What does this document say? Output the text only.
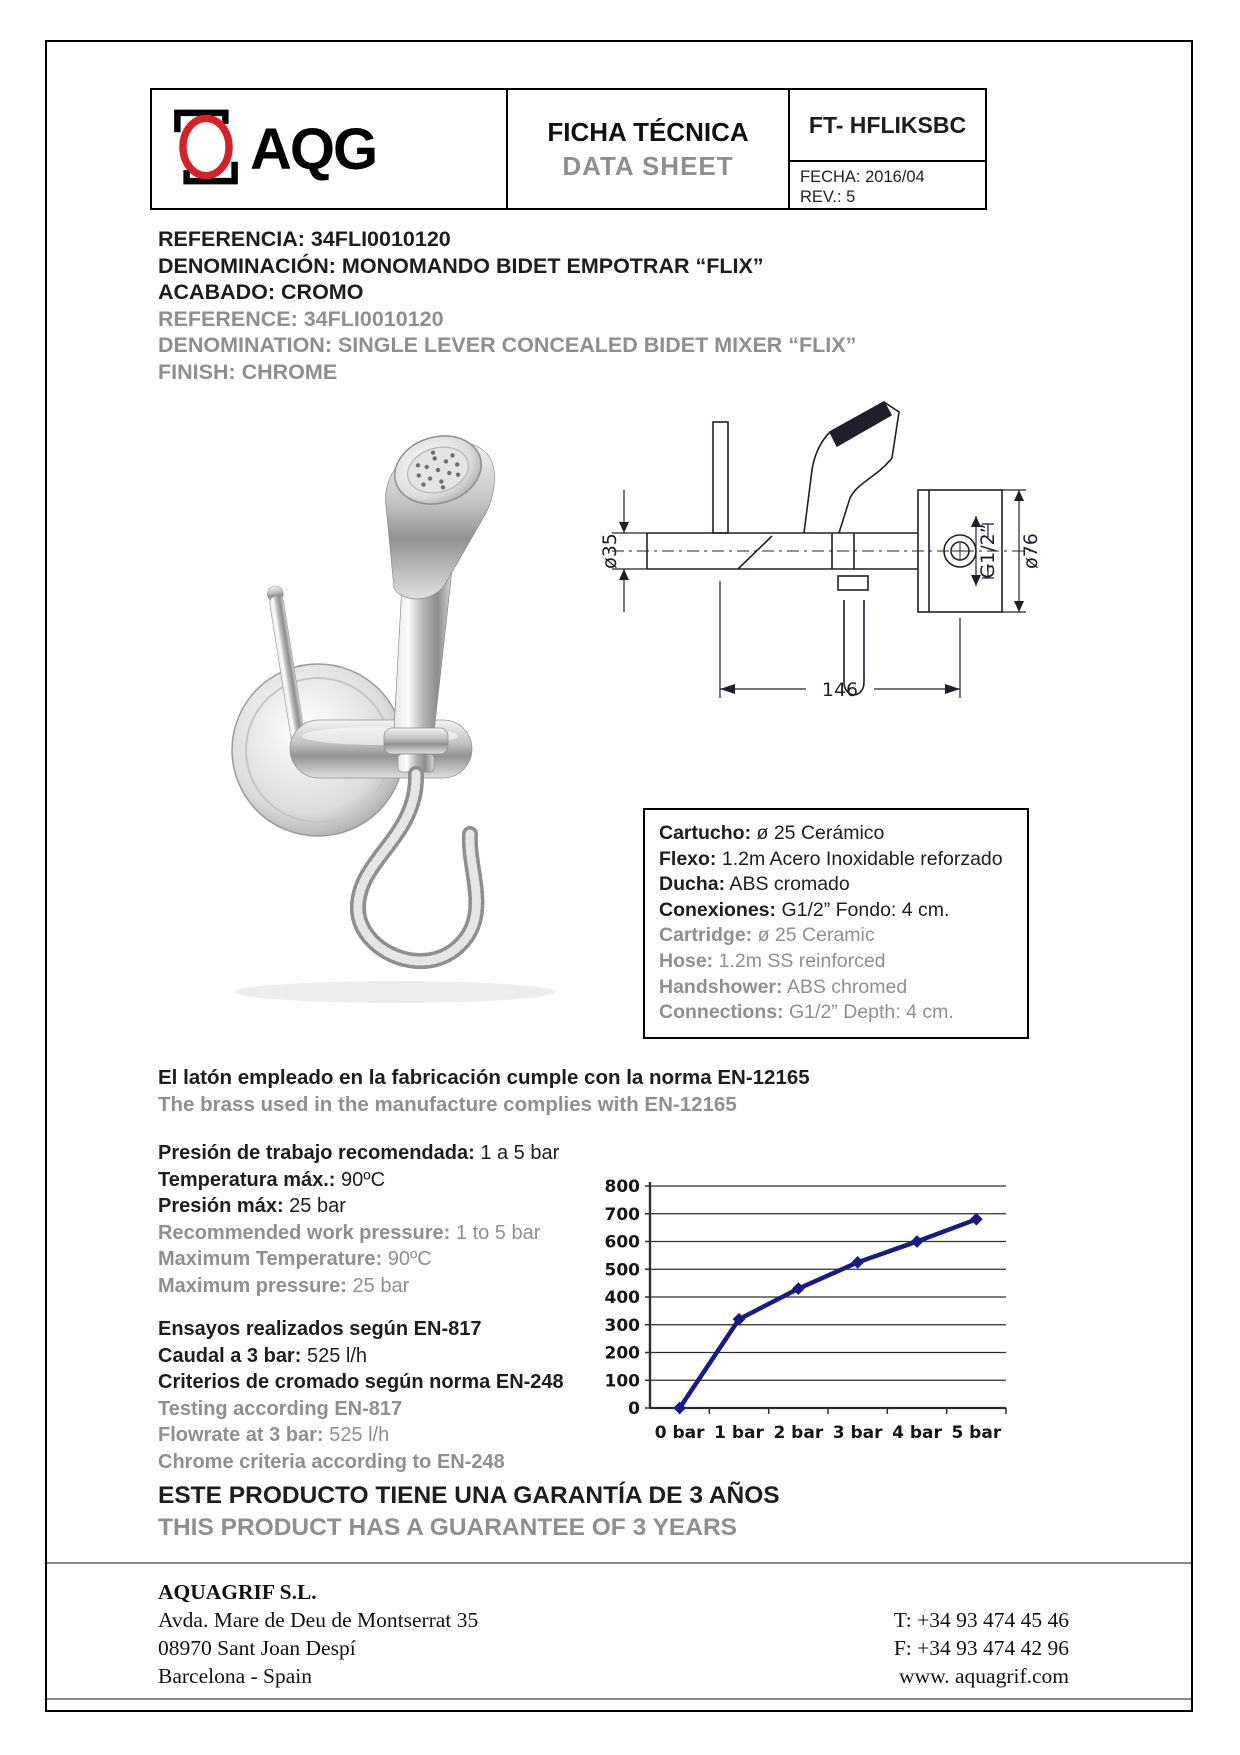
AQG	FICHA TÉCNICA
DATA SHEET
FT- HFLIKSBC
FECHA: 2016/04
REV.: 5
REFERENCIA: 34FLI0010120
DENOMINACIÓN: MONOMANDO BIDET EMPOTRAR “FLIX”
ACABADO: CROMO
REFERENCE: 34FLI0010120
DENOMINATION: SINGLE LEVER CONCEALED BIDET MIXER “FLIX”
FINISH: CHROME
ø35	G1/2” ø76
146
Cartucho: ø 25 Cerámico
Flexo: 1.2m Acero Inoxidable reforzado
Ducha: ABS cromado
Conexiones: G1/2” Fondo: 4 cm.
Cartridge: ø 25 Ceramic
Hose: 1.2m SS reinforced
Handshower: ABS chromed
Connections: G1/2” Depth: 4 cm.
El latón empleado en la fabricación cumple con la norma EN-12165
The brass used in the manufacture complies with EN-12165
Presión de trabajo recomendada: 1 a 5 bar
Temperatura máx.: 90ºC
Presión máx: 25 bar
Recommended work pressure: 1 to 5 bar
Maximum Temperature: 90ºC
Maximum pressure: 25 bar
Ensayos realizados según EN-817
Caudal a 3 bar: 525 l/h
Criterios de cromado según norma EN-248
Testing according EN-817
Flowrate at 3 bar: 525 l/h
Chrome criteria according to EN-248
0
100
200
300
400
500
600
700
800
0 bar 1 bar 2 bar 3 bar 4 bar 5 bar
ESTE PRODUCTO TIENE UNA GARANTÍA DE 3 AÑOS
THIS PRODUCT HAS A GUARANTEE OF 3 YEARS
AQUAGRIF S.L.
Avda. Mare de Deu de Montserrat 35
08970 Sant Joan Despí
Barcelona - Spain
T: +34 93 474 45 46
F: +34 93 474 42 96
www. aquagrif.com
